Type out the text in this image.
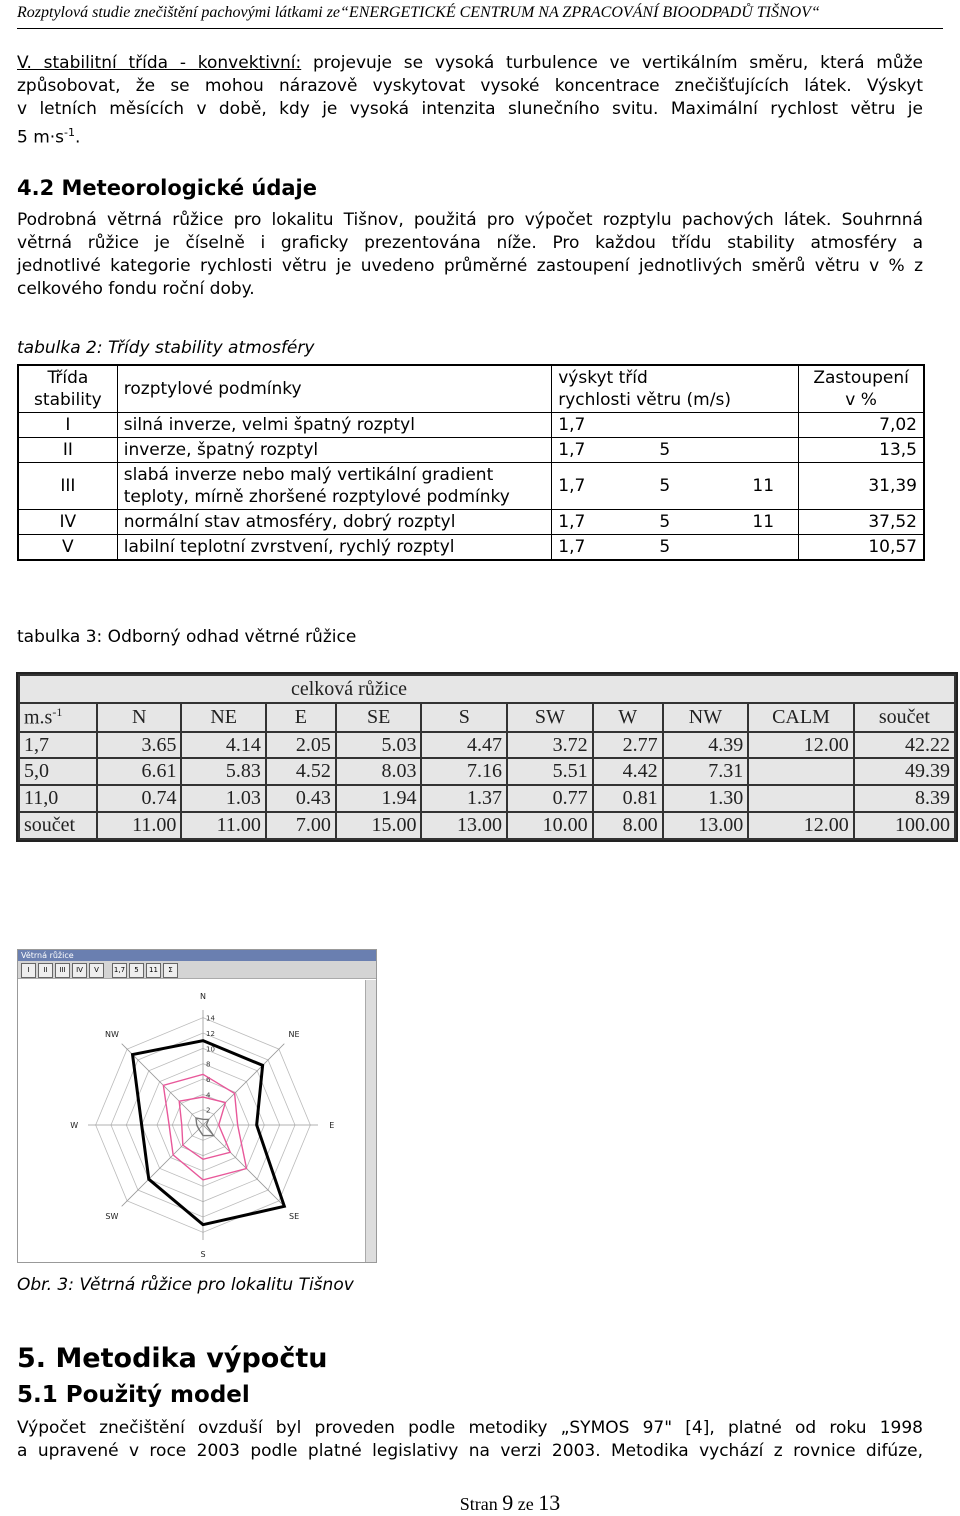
Rozptylová studie znečištění pachovými látkami ze“ENERGETICKÉ CENTRUM NA ZPRACOVÁNÍ BIOODPADŮ TIŠNOV“
V. stabilitní třída - konvektivní: projevuje se vysoká turbulence ve vertikálním směru, která může
způsobovat, že se mohou nárazově vyskytovat vysoké koncentrace znečišťujících látek. Výskyt
v letních měsících v době, kdy je vysoká intenzita slunečního svitu. Maximální rychlost větru je
5 $m\cdot s^{-1}$.
4.2 Meteorologické údaje
Podrobná větrná růžice pro lokalitu Tišnov, použitá pro výpočet rozptylu pachových látek. Souhrnná
větrná růžice je číselně i graficky prezentována níže. Pro každou třídu stability atmosféry a
jednotlivé kategorie rychlosti větru je uvedeno průměrné zastoupení jednotlivých směrů větru v % z
celkového fondu roční doby.
tabulka 2: Třídy stability atmosféry
Třída
stability	rozptylové podmínky	výskyt tříd
rychlosti větru (m/s)			Zastoupení
v %
I	silná inverze, velmi špatný rozptyl	1,7			7,02
II	inverze, špatný rozptyl	1,7	5		13,5
III	slabá inverze nebo malý vertikální gradient
teploty, mírně zhoršené rozptylové podmínky	1,7	5	11	31,39
IV	normální stav atmosféry, dobrý rozptyl	1,7	5	11	37,52
V	labilní teplotní zvrstvení, rychlý rozptyl	1,7	5		10,57
tabulka 3: Odborný odhad větrné růžice
celková růžice										
$m.s^{-1}$	N	NE	E	SE	S	SW	W	NW	CALM	součet
1,7	3.65	4.14	2.05	5.03	4.47	3.72	2.77	4.39	12.00	42.22
5,0	6.61	5.83	4.52	8.03	7.16	5.51	4.42	7.31		49.39
11,0	0.74	1.03	0.43	1.94	1.37	0.77	0.81	1.30		8.39
součet	11.00	11.00	7.00	15.00	13.00	10.00	8.00	13.00	12.00	100.00
Větrná růžice
I	II	III	IV	V	1,7	5	11	Σ
2
4
6
8
10
12
14
N
NE
E
SE
S
SW
W
NW
Obr. 3: Větrná růžice pro lokalitu Tišnov
5. Metodika výpočtu
5.1 Použitý model
Výpočet znečištění ovzduší byl proveden podle metodiky „SYMOS 97" [4], platné od roku 1998
a upravené v roce 2003 podle platné legislativy na verzi 2003. Metodika vychází z rovnice difúze,
Stran 9 ze 13
